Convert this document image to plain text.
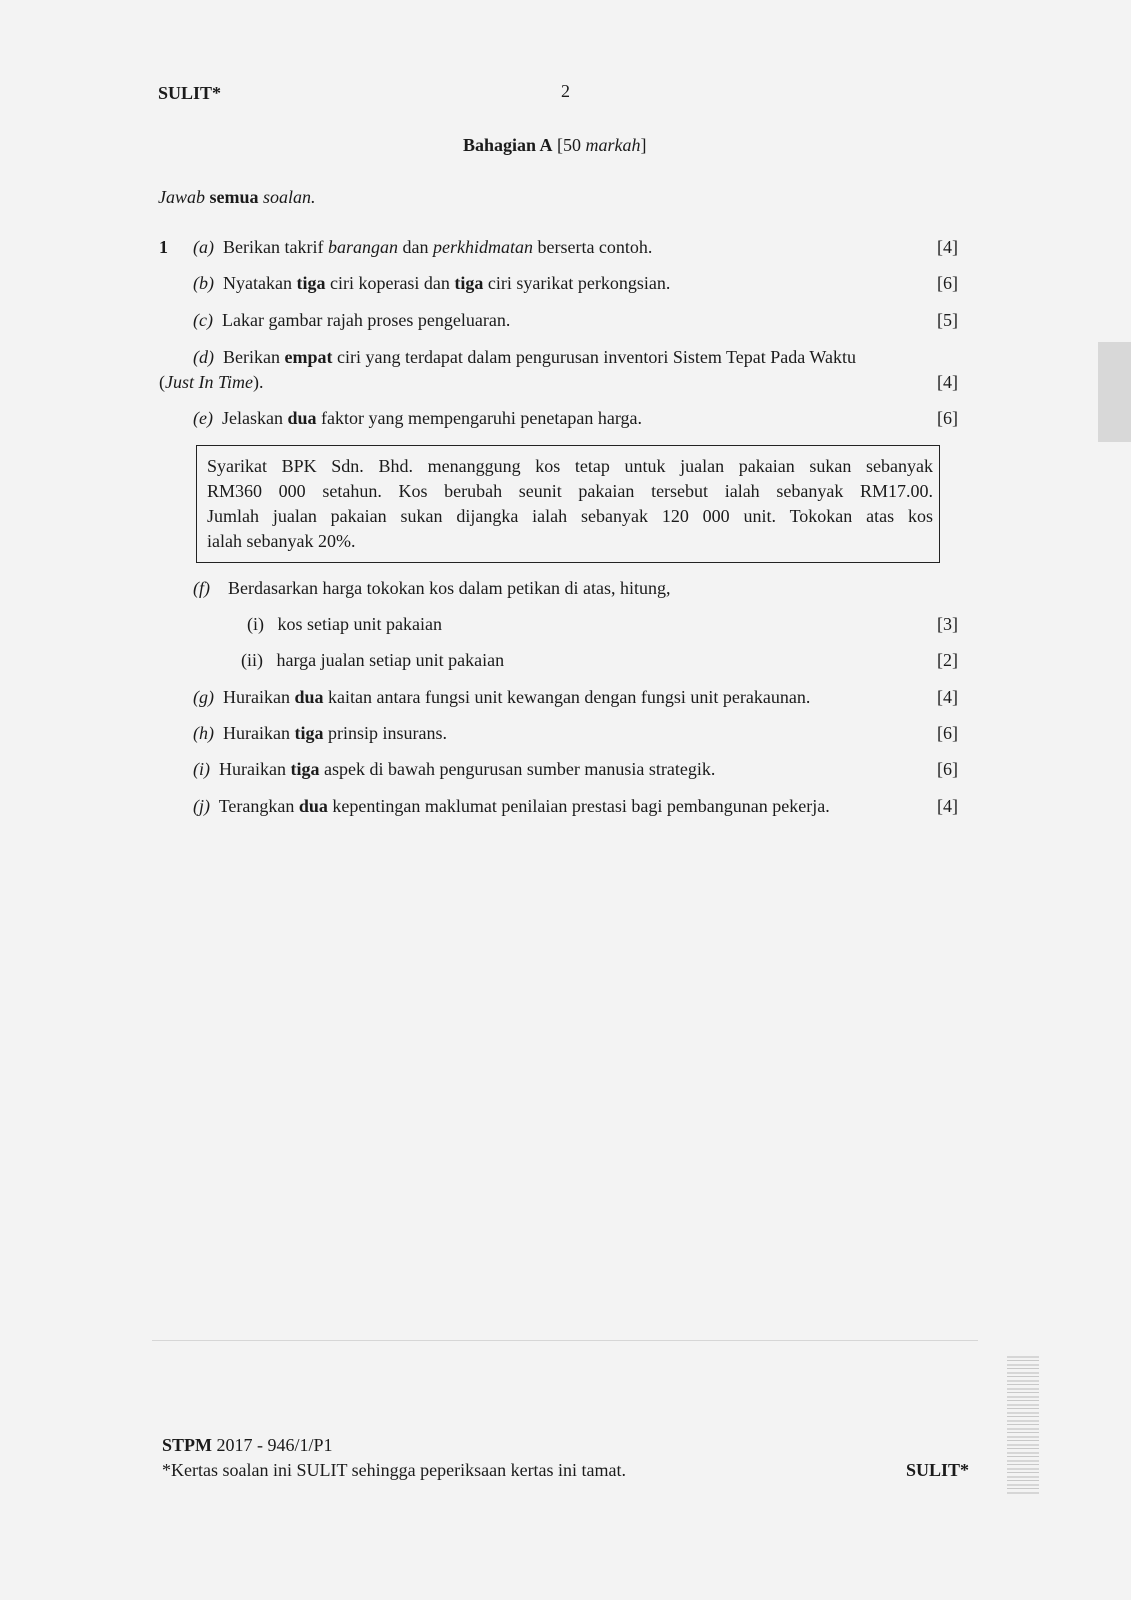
SULIT*	2
Bahagian A [50 markah]
Jawab semua soalan.
1 (a) Berikan takrif barangan dan perkhidmatan berserta contoh.	[4]
(b) Nyatakan tiga ciri koperasi dan tiga ciri syarikat perkongsian.	[6]
(c) Lakar gambar rajah proses pengeluaran.	[5]
(d) Berikan empat ciri yang terdapat dalam pengurusan inventori Sistem Tepat Pada Waktu
(Just In Time).	[4]
(e) Jelaskan dua faktor yang mempengaruhi penetapan harga.	[6]
Syarikat BPK Sdn. Bhd. menanggung kos tetap untuk jualan pakaian sukan sebanyak
RM360 000 setahun. Kos berubah seunit pakaian tersebut ialah sebanyak RM17.00.
Jumlah jualan pakaian sukan dijangka ialah sebanyak 120 000 unit. Tokokan atas kos
ialah sebanyak 20%.
(f) Berdasarkan harga tokokan kos dalam petikan di atas, hitung,
(i) kos setiap unit pakaian	[3]
(ii) harga jualan setiap unit pakaian	[2]
(g) Huraikan dua kaitan antara fungsi unit kewangan dengan fungsi unit perakaunan.	[4]
(h) Huraikan tiga prinsip insurans.	[6]
(i) Huraikan tiga aspek di bawah pengurusan sumber manusia strategik.	[6]
(j) Terangkan dua kepentingan maklumat penilaian prestasi bagi pembangunan pekerja.	[4]
STPM 2017 - 946/1/P1
*Kertas soalan ini SULIT sehingga peperiksaan kertas ini tamat.	SULIT*
